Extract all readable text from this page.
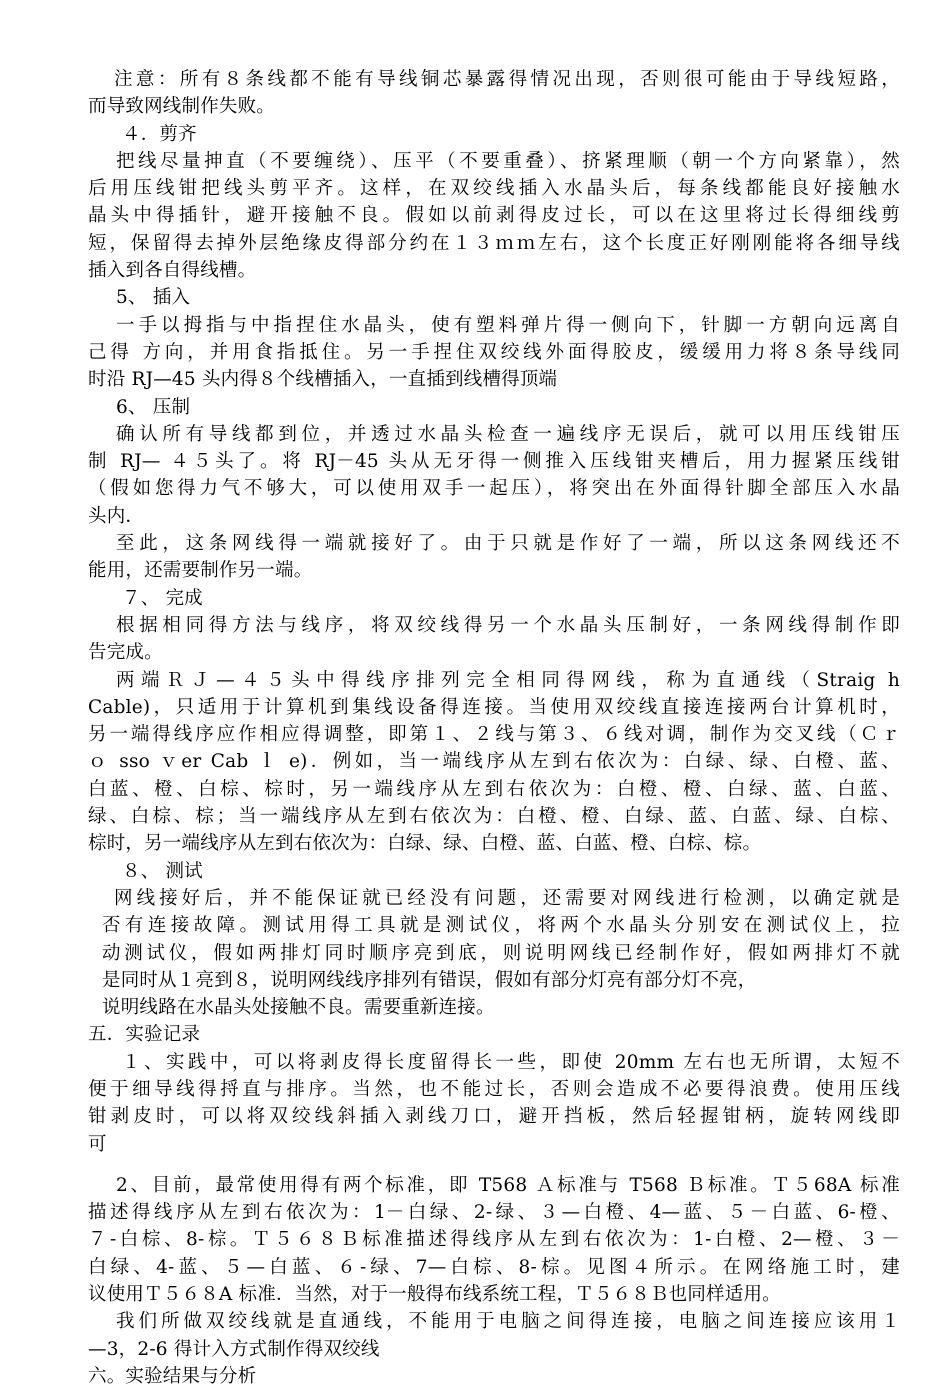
注意：所有８条线都不能有导线铜芯暴露得情况出现，否则很可能由于导线短路，
而导致网线制作失败。
４．剪齐
把线尽量抻直（不要缠绕）、压平（不要重叠）、挤紧理顺（朝一个方向紧靠），然
后用压线钳把线头剪平齐。这样，在双绞线插入水晶头后，每条线都能良好接触水
晶头中得插针，避开接触不良。假如以前剥得皮过长，可以在这里将过长得细线剪
短，保留得去掉外层绝缘皮得部分约在１３ｍｍ左右，这个长度正好刚刚能将各细导线
插入到各自得线槽。
5、 插入
一手以拇指与中指捏住水晶头，使有塑料弹片得一侧向下，针脚一方朝向远离自
己得 方向，并用食指抵住。另一手捏住双绞线外面得胶皮，缓缓用力将８条导线同
时沿 RJ—45 头内得８个线槽插入，一直插到线槽得顶端
6、 压制
确认所有导线都到位，并透过水晶头检查一遍线序无误后，就可以用压线钳压
制 RJ— ４５头了。将 RJ－45 头从无牙得一侧推入压线钳夹槽后，用力握紧压线钳
（假如您得力气不够大，可以使用双手一起压），将突出在外面得针脚全部压入水晶
头内．
至此，这条网线得一端就接好了。由于只就是作好了一端，所以这条网线还不
能用，还需要制作另一端。
７、 完成
根据相同得方法与线序，将双绞线得另一个水晶头压制好，一条网线得制作即
告完成。
两端ＲＪ—４５头中得线序排列完全相同得网线，称为直通线（Straig h
Cable)，只适用于计算机到集线设备得连接。当使用双绞线直接连接两台计算机时，
另一端得线序应作相应得调整，即第１、２线与第３、６线对调，制作为交叉线（Ｃｒ
ｏ sso ｖer Cab ｌ e)．例如，当一端线序从左到右依次为：白绿、绿、白橙、蓝、
白蓝、橙、白棕、棕时，另一端线序从左到右依次为：白橙、橙、白绿、蓝、白蓝、
绿、白棕、棕；当一端线序从左到右依次为：白橙、橙、白绿、蓝、白蓝、绿、白棕、
棕时，另一端线序从左到右依次为：白绿、绿、白橙、蓝、白蓝、橙、白棕、棕。
８、 测试
网线接好后，并不能保证就已经没有问题，还需要对网线进行检测，以确定就是
否有连接故障。测试用得工具就是测试仪，将两个水晶头分别安在测试仪上，拉
动测试仪，假如两排灯同时顺序亮到底，则说明网线已经制作好，假如两排灯不就
是同时从１亮到８，说明网线线序排列有错误，假如有部分灯亮有部分灯不亮，
说明线路在水晶头处接触不良。需要重新连接。
五．实验记录
１、实践中，可以将剥皮得长度留得长一些，即使 20mm 左右也无所谓，太短不
便于细导线得捋直与排序。当然，也不能过长，否则会造成不必要得浪费。使用压线
钳剥皮时，可以将双绞线斜插入剥线刀口，避开挡板，然后轻握钳柄，旋转网线即
可
2、目前，最常使用得有两个标准，即 T568 Ａ标准与 T568 Ｂ标准。Ｔ５68A 标准
描述得线序从左到右依次为：1－白绿、2-绿、３—白橙、4—蓝、５－白蓝、6-橙、
７-白棕、8-棕。Ｔ５６８Ｂ标准描述得线序从左到右依次为：1-白橙、2—橙、３－
白绿、4-蓝、５—白蓝、６-绿、7—白棕、8-棕。见图４所示。在网络施工时，建
议使用Ｔ５６８A 标准．当然，对于一般得布线系统工程，Ｔ５６８Ｂ也同样适用。
我们所做双绞线就是直通线，不能用于电脑之间得连接，电脑之间连接应该用１
—3，2-6 得计入方式制作得双绞线
六。实验结果与分析
